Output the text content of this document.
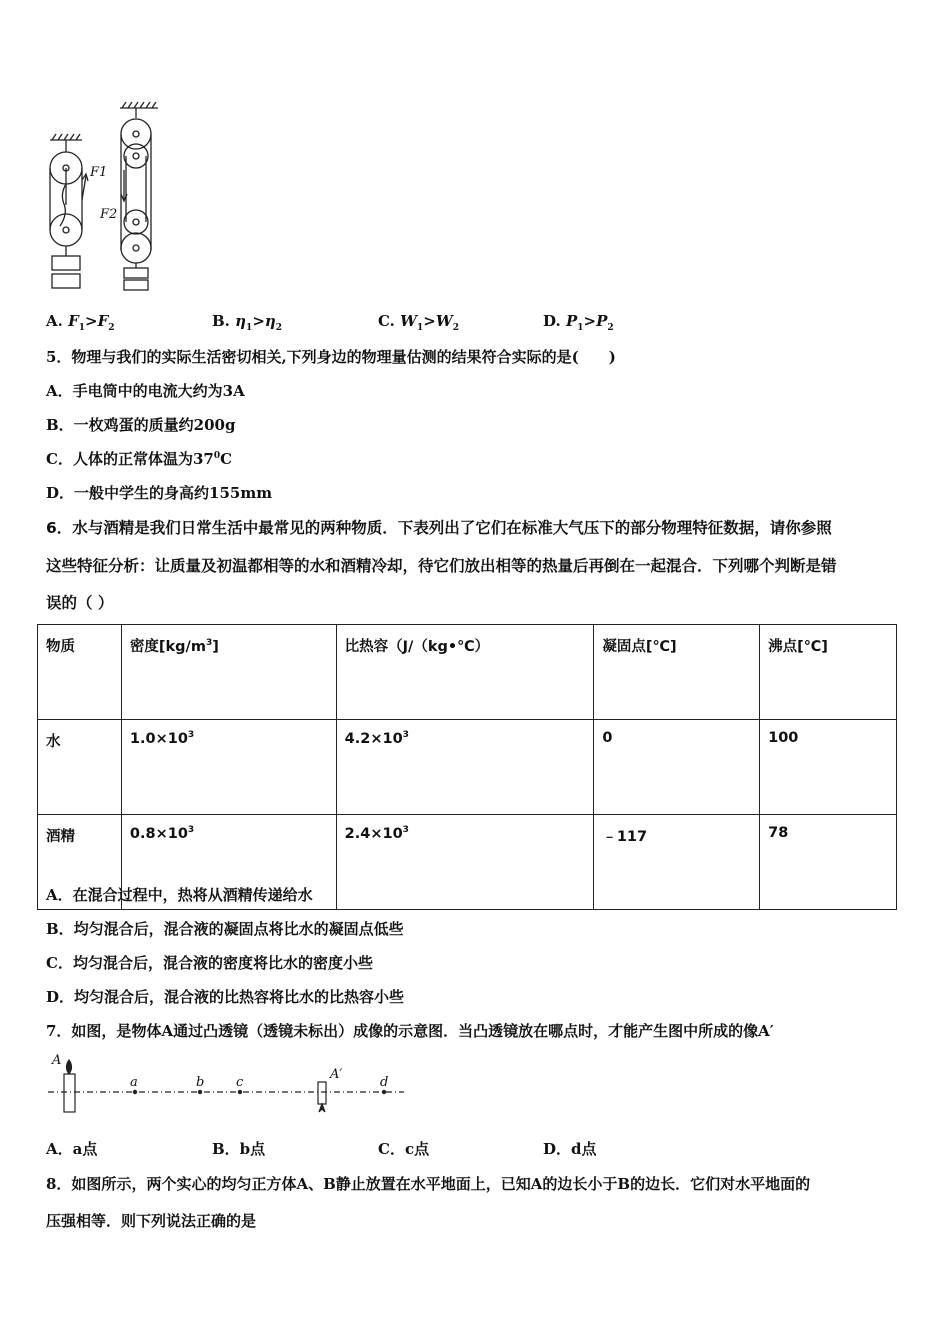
F1
F2
A. $F_1>F_2$	B. $\eta_1>\eta_2$	C. $W_1>W_2$	D. $P_1>P_2$
5．物理与我们的实际生活密切相关,下列身边的物理量估测的结果符合实际的是(　　)
A．手电筒中的电流大约为3A
B．一枚鸡蛋的质量约200g
C．人体的正常体温为$37^0C$
D．一般中学生的身高约155mm
6．水与酒精是我们日常生活中最常见的两种物质．下表列出了它们在标准大气压下的部分物理特征数据，请你参照
这些特征分析：让质量及初温都相等的水和酒精冷却，待它们放出相等的热量后再倒在一起混合．下列哪个判断是错
误的（ ）
物质	密度$[kg/m^3]$	比热容（J/（kg•℃）	凝固点[℃]	沸点[℃]
水	$1.0\times 10^3$	$4.2\times 10^3$	0	100
酒精	$0.8\times 10^3$	$2.4\times 10^3$	﹣117	78
A．在混合过程中，热将从酒精传递给水
B．均匀混合后，混合液的凝固点将比水的凝固点低些
C．均匀混合后，混合液的密度将比水的密度小些
D．均匀混合后，混合液的比热容将比水的比热容小些
7．如图，是物体A通过凸透镜（透镜未标出）成像的示意图．当凸透镜放在哪点时，才能产生图中所成的像A′
A
A′
a	b c	d
A．a点	B．b点	C．c点	D．d点
8．如图所示，两个实心的均匀正方体A、B静止放置在水平地面上，已知A的边长小于B的边长．它们对水平地面的
压强相等．则下列说法正确的是
